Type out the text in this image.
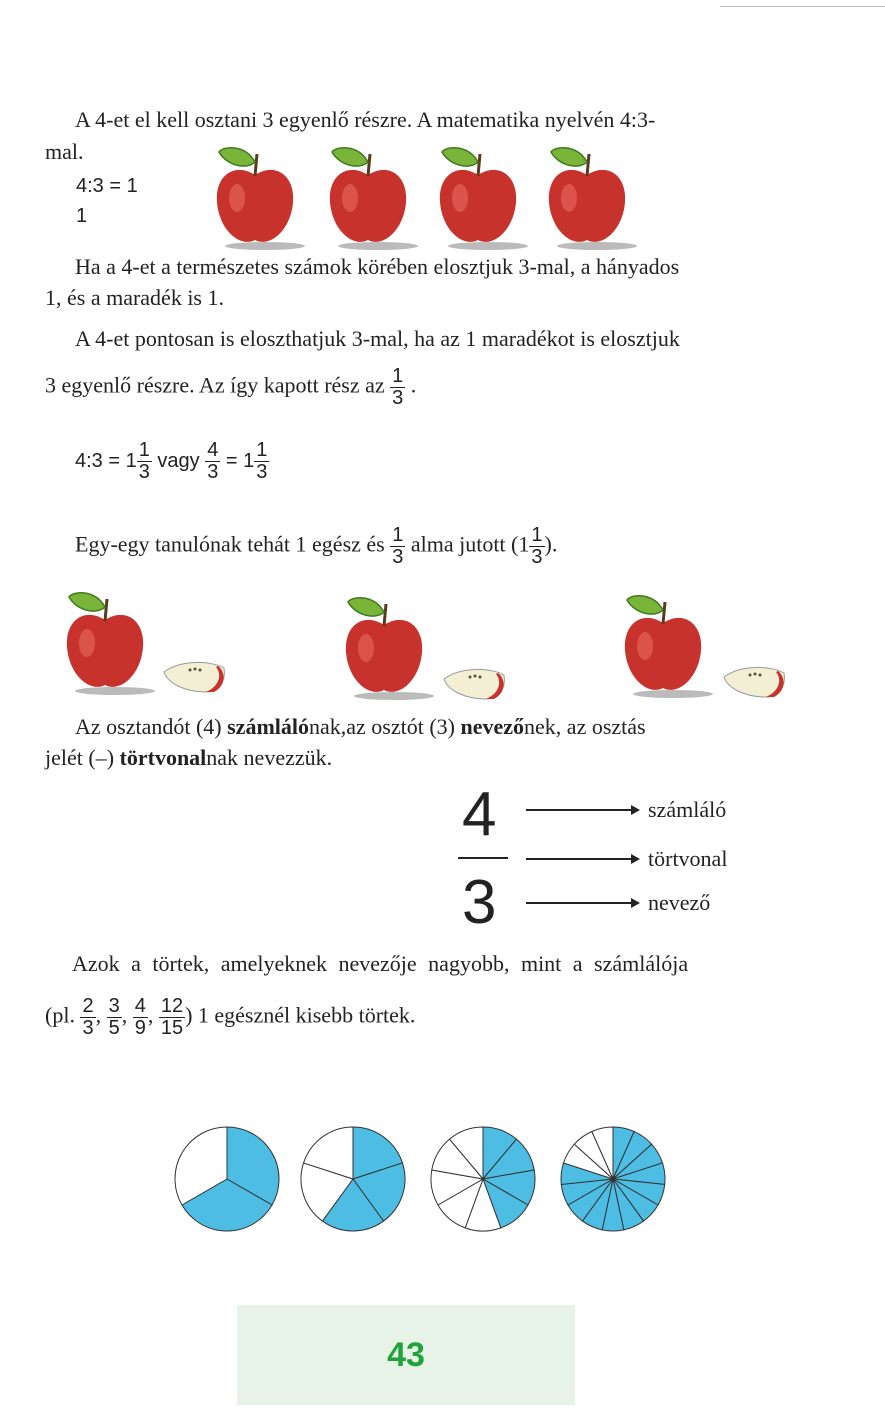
A 4-et el kell osztani 3 egyenlő részre. A matematika nyelvén 4:3-
mal.
4:3 = 1
1
Ha a 4-et a természetes számok körében elosztjuk 3-mal, a hányados
1, és a maradék is 1.
A 4-et pontosan is eloszthatjuk 3-mal, ha az 1 maradékot is elosztjuk
3 egyenlő részre. Az így kapott rész az $\frac{1}{3}$ .
4:3 = $1 \frac{1}{3}$ vagy $\frac{4}{3} = 1 \frac{1}{3}$
Egy-egy tanulónak tehát 1 egész és $\frac{1}{3}$ alma jutott ($1 \frac{1}{3}$ ).
Az osztandót (4) számlálónak,az osztót (3) nevezőnek, az osztás
jelét (–) törtvonalnak nevezzük.
4
3
számláló
törtvonal
nevező
Azok a törtek, amelyeknek nevezője nagyobb, mint a számlálója
(pl. $\frac{2}{3}$ , $\frac{3}{5}$ , $\frac{4}{9}$ , $\frac{12}{15}$ ) 1 egésznél kisebb törtek.
43
